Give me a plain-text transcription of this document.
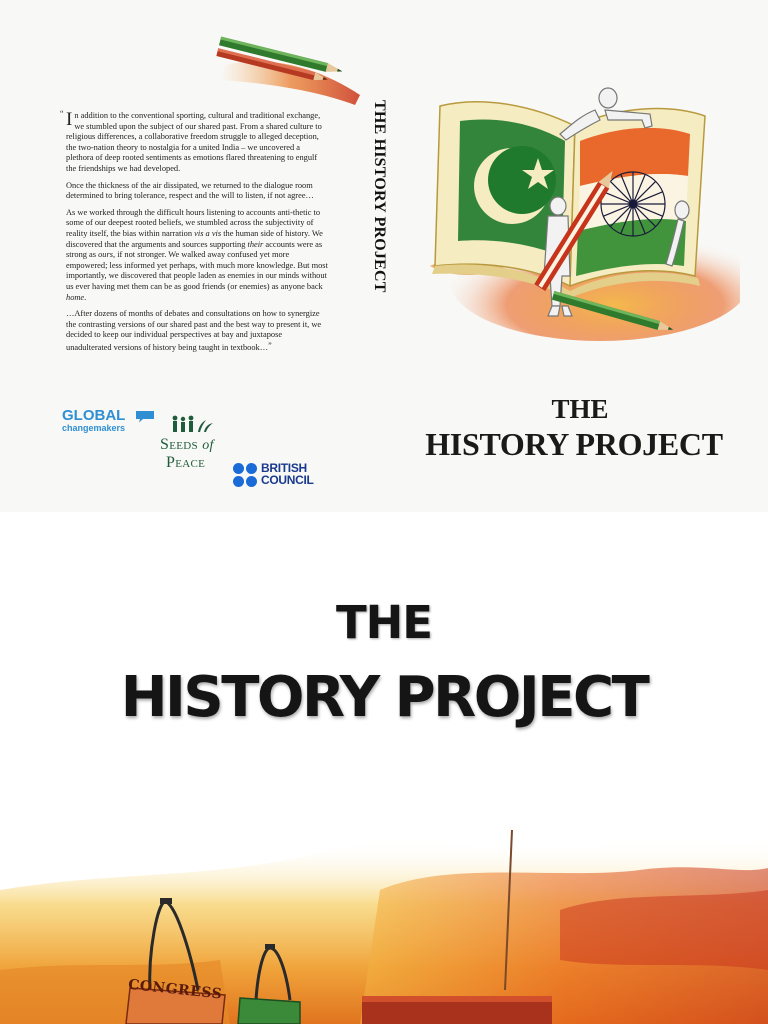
“ In addition to the conventional sporting, cultural and traditional exchange, we stumbled upon the subject of our shared past. From a shared culture to religious differences, a collaborative freedom struggle to alleged deception, the two-nation theory to nostalgia for a united India – we uncovered a plethora of deep rooted sentiments as emotions flared threatening to engulf the friendships we had developed.

Once the thickness of the air dissipated, we returned to the dialogue room determined to bring tolerance, respect and the will to listen, if not agree…

As we worked through the difficult hours listening to accounts anti-thetic to some of our deepest rooted beliefs, we stumbled across the subjectivity of reality itself, the bias within narration vis a vis the human side of history. We discovered that the arguments and sources supporting their accounts were as strong as ours, if not stronger. We walked away confused yet more empowered; less informed yet perhaps, with much more knowledge. But most importantly, we discovered that people laden as enemies in our minds without us ever having met them can be as good friends (or enemies) as anyone back home.

…After dozens of months of debates and consultations on how to synergize the contrasting versions of our shared past and the best way to present it, we decided to keep our individual perspectives at bay and juxtapose unadulterated versions of history being taught in textbook…”

GLOBAL
changemakers
Seeds of
Peace	BRITISH
COUNCIL
THE HISTORY PROJECT
THE
HISTORY PROJECT
THE
HISTORY PROJECT
CONGRESS
